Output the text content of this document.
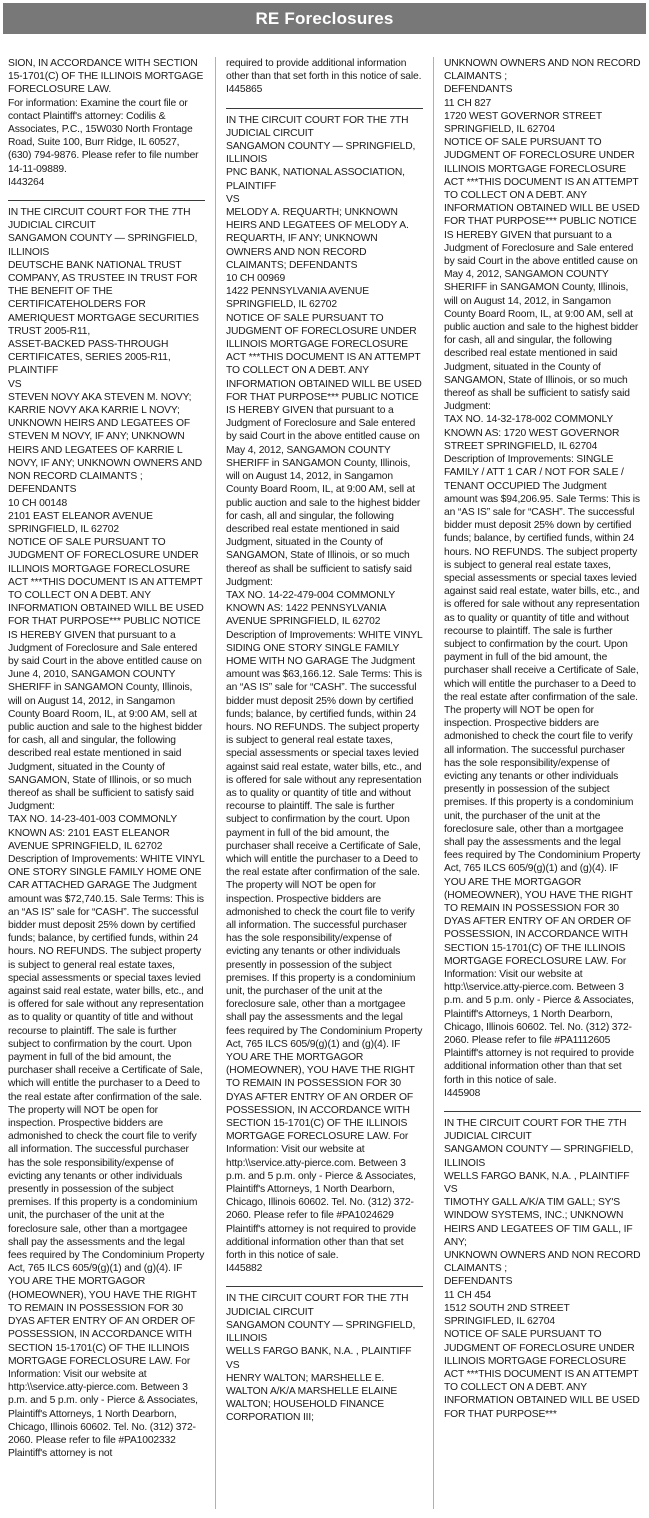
RE Foreclosures

SION, IN ACCORDANCE WITH SECTION 15-1701(C) OF THE ILLINOIS MORTGAGE FORECLOSURE LAW.

For information: Examine the court file or contact Plaintiff's attorney: Codilis & Associates, P.C., 15W030 North Frontage Road, Suite 100, Burr Ridge, IL 60527, (630) 794-9876. Please refer to file number 14-11-09889.

I443264

IN THE CIRCUIT COURT FOR THE 7TH JUDICIAL CIRCUIT

SANGAMON COUNTY — SPRINGFIELD, ILLINOIS

DEUTSCHE BANK NATIONAL TRUST COMPANY, AS TRUSTEE IN TRUST FOR THE BENEFIT OF THE CERTIFICATEHOLDERS FOR AMERIQUEST MORTGAGE SECURITIES TRUST 2005-R11,

ASSET-BACKED PASS-THROUGH CERTIFICATES, SERIES 2005-R11, PLAINTIFF

VS

STEVEN NOVY AKA STEVEN M. NOVY; KARRIE NOVY AKA KARRIE L NOVY; UNKNOWN HEIRS AND LEGATEES OF STEVEN M NOVY, IF ANY; UNKNOWN HEIRS AND LEGATEES OF KARRIE L NOVY, IF ANY; UNKNOWN OWNERS AND NON RECORD CLAIMANTS ; DEFENDANTS

10 CH 00148

2101 EAST ELEANOR AVENUE

SPRINGFIELD, IL 62702

NOTICE OF SALE PURSUANT TO JUDGMENT OF FORECLOSURE UNDER ILLINOIS MORTGAGE FORECLOSURE ACT ***THIS DOCUMENT IS AN ATTEMPT TO COLLECT ON A DEBT. ANY INFORMATION OBTAINED WILL BE USED FOR THAT PURPOSE*** PUBLIC NOTICE IS HEREBY GIVEN that pursuant to a Judgment of Foreclosure and Sale entered by said Court in the above entitled cause on June 4, 2010, SANGAMON COUNTY SHERIFF in SANGAMON County, Illinois, will on August 14, 2012, in Sangamon County Board Room, IL, at 9:00 AM, sell at public auction and sale to the highest bidder for cash, all and singular, the following described real estate mentioned in said Judgment, situated in the County of SANGAMON, State of Illinois, or so much thereof as shall be sufficient to satisfy said Judgment:

TAX NO. 14-23-401-003 COMMONLY KNOWN AS: 2101 EAST ELEANOR AVENUE SPRINGFIELD, IL 62702

Description of Improvements: WHITE VINYL ONE STORY SINGLE FAMILY HOME ONE CAR ATTACHED GARAGE The Judgment amount was $72,740.15. Sale Terms: This is an “AS IS” sale for “CASH”. The successful bidder must deposit 25% down by certified funds; balance, by certified funds, within 24 hours. NO REFUNDS. The subject property is subject to general real estate taxes, special assessments or special taxes levied against said real estate, water bills, etc., and is offered for sale without any representation as to quality or quantity of title and without recourse to plaintiff. The sale is further subject to confirmation by the court. Upon payment in full of the bid amount, the purchaser shall receive a Certificate of Sale, which will entitle the purchaser to a Deed to the real estate after confirmation of the sale. The property will NOT be open for inspection. Prospective bidders are admonished to check the court file to verify all information. The successful purchaser has the sole responsibility/expense of evicting any tenants or other individuals presently in possession of the subject premises. If this property is a condominium unit, the purchaser of the unit at the foreclosure sale, other than a mortgagee shall pay the assessments and the legal fees required by The Condominium Property Act, 765 ILCS 605/9(g)(1) and (g)(4). IF YOU ARE THE MORTGAGOR (HOMEOWNER), YOU HAVE THE RIGHT TO REMAIN IN POSSESSION FOR 30 DYAS AFTER ENTRY OF AN ORDER OF POSSESSION, IN ACCORDANCE WITH SECTION 15-1701(C) OF THE ILLINOIS MORTGAGE FORECLOSURE LAW. For Information: Visit our website at http:\\service.atty-pierce.com. Between 3 p.m. and 5 p.m. only - Pierce & Associates, Plaintiff's Attorneys, 1 North Dearborn, Chicago, Illinois 60602. Tel. No. (312) 372-2060. Please refer to file #PA1002332 Plaintiff's attorney is not

required to provide additional information other than that set forth in this notice of sale.

I445865

IN THE CIRCUIT COURT FOR THE 7TH JUDICIAL CIRCUIT

SANGAMON COUNTY — SPRINGFIELD, ILLINOIS

PNC BANK, NATIONAL ASSOCIATION, PLAINTIFF

VS

MELODY A. REQUARTH; UNKNOWN HEIRS AND LEGATEES OF MELODY A. REQUARTH, IF ANY; UNKNOWN OWNERS AND NON RECORD CLAIMANTS; DEFENDANTS

10 CH 00969

1422 PENNSYLVANIA AVENUE

SPRINGFIELD, IL 62702

NOTICE OF SALE PURSUANT TO JUDGMENT OF FORECLOSURE UNDER ILLINOIS MORTGAGE FORECLOSURE ACT ***THIS DOCUMENT IS AN ATTEMPT TO COLLECT ON A DEBT. ANY INFORMATION OBTAINED WILL BE USED FOR THAT PURPOSE*** PUBLIC NOTICE IS HEREBY GIVEN that pursuant to a Judgment of Foreclosure and Sale entered by said Court in the above entitled cause on May 4, 2012, SANGAMON COUNTY SHERIFF in SANGAMON County, Illinois, will on August 14, 2012, in Sangamon County Board Room, IL, at 9:00 AM, sell at public auction and sale to the highest bidder for cash, all and singular, the following described real estate mentioned in said Judgment, situated in the County of SANGAMON, State of Illinois, or so much thereof as shall be sufficient to satisfy said Judgment:

TAX NO. 14-22-479-004 COMMONLY KNOWN AS: 1422 PENNSYLVANIA AVENUE SPRINGFIELD, IL 62702

Description of Improvements: WHITE VINYL SIDING ONE STORY SINGLE FAMILY HOME WITH NO GARAGE The Judgment amount was $63,166.12. Sale Terms: This is an “AS IS” sale for “CASH”. The successful bidder must deposit 25% down by certified funds; balance, by certified funds, within 24 hours. NO REFUNDS. The subject property is subject to general real estate taxes, special assessments or special taxes levied against said real estate, water bills, etc., and is offered for sale without any representation as to quality or quantity of title and without recourse to plaintiff. The sale is further subject to confirmation by the court. Upon payment in full of the bid amount, the purchaser shall receive a Certificate of Sale, which will entitle the purchaser to a Deed to the real estate after confirmation of the sale. The property will NOT be open for inspection. Prospective bidders are admonished to check the court file to verify all information. The successful purchaser has the sole responsibility/expense of evicting any tenants or other individuals presently in possession of the subject premises. If this property is a condominium unit, the purchaser of the unit at the foreclosure sale, other than a mortgagee shall pay the assessments and the legal fees required by The Condominium Property Act, 765 ILCS 605/9(g)(1) and (g)(4). IF YOU ARE THE MORTGAGOR (HOMEOWNER), YOU HAVE THE RIGHT TO REMAIN IN POSSESSION FOR 30 DYAS AFTER ENTRY OF AN ORDER OF POSSESSION, IN ACCORDANCE WITH SECTION 15-1701(C) OF THE ILLINOIS MORTGAGE FORECLOSURE LAW. For Information: Visit our website at http:\\service.atty-pierce.com. Between 3 p.m. and 5 p.m. only - Pierce & Associates, Plaintiff's Attorneys, 1 North Dearborn, Chicago, Illinois 60602. Tel. No. (312) 372-2060. Please refer to file #PA1024629 Plaintiff's attorney is not required to provide additional information other than that set forth in this notice of sale.

I445882

IN THE CIRCUIT COURT FOR THE 7TH JUDICIAL CIRCUIT

SANGAMON COUNTY — SPRINGFIELD, ILLINOIS

WELLS FARGO BANK, N.A. , PLAINTIFF

VS

HENRY WALTON; MARSHELLE E. WALTON A/K/A MARSHELLE ELAINE WALTON; HOUSEHOLD FINANCE CORPORATION III;

UNKNOWN OWNERS AND NON RECORD CLAIMANTS ;

DEFENDANTS

11 CH 827

1720 WEST GOVERNOR STREET

SPRINGFIELD, IL 62704

NOTICE OF SALE PURSUANT TO JUDGMENT OF FORECLOSURE UNDER ILLINOIS MORTGAGE FORECLOSURE ACT ***THIS DOCUMENT IS AN ATTEMPT TO COLLECT ON A DEBT. ANY INFORMATION OBTAINED WILL BE USED FOR THAT PURPOSE*** PUBLIC NOTICE IS HEREBY GIVEN that pursuant to a Judgment of Foreclosure and Sale entered by said Court in the above entitled cause on May 4, 2012, SANGAMON COUNTY SHERIFF in SANGAMON County, Illinois, will on August 14, 2012, in Sangamon County Board Room, IL, at 9:00 AM, sell at public auction and sale to the highest bidder for cash, all and singular, the following described real estate mentioned in said Judgment, situated in the County of SANGAMON, State of Illinois, or so much thereof as shall be sufficient to satisfy said Judgment:

TAX NO. 14-32-178-002 COMMONLY KNOWN AS: 1720 WEST GOVERNOR STREET SPRINGFIELD, IL 62704

Description of Improvements: SINGLE FAMILY / ATT 1 CAR / NOT FOR SALE / TENANT OCCUPIED The Judgment amount was $94,206.95. Sale Terms: This is an “AS IS” sale for “CASH”. The successful bidder must deposit 25% down by certified funds; balance, by certified funds, within 24 hours. NO REFUNDS. The subject property is subject to general real estate taxes, special assessments or special taxes levied against said real estate, water bills, etc., and is offered for sale without any representation as to quality or quantity of title and without recourse to plaintiff. The sale is further subject to confirmation by the court. Upon payment in full of the bid amount, the purchaser shall receive a Certificate of Sale, which will entitle the purchaser to a Deed to the real estate after confirmation of the sale. The property will NOT be open for inspection. Prospective bidders are admonished to check the court file to verify all information. The successful purchaser has the sole responsibility/expense of evicting any tenants or other individuals presently in possession of the subject premises. If this property is a condominium unit, the purchaser of the unit at the foreclosure sale, other than a mortgagee shall pay the assessments and the legal fees required by The Condominium Property Act, 765 ILCS 605/9(g)(1) and (g)(4). IF YOU ARE THE MORTGAGOR (HOMEOWNER), YOU HAVE THE RIGHT TO REMAIN IN POSSESSION FOR 30 DYAS AFTER ENTRY OF AN ORDER OF POSSESSION, IN ACCORDANCE WITH SECTION 15-1701(C) OF THE ILLINOIS MORTGAGE FORECLOSURE LAW. For Information: Visit our website at http:\\service.atty-pierce.com. Between 3 p.m. and 5 p.m. only - Pierce & Associates, Plaintiff's Attorneys, 1 North Dearborn, Chicago, Illinois 60602. Tel. No. (312) 372-2060. Please refer to file #PA1112605 Plaintiff's attorney is not required to provide additional information other than that set forth in this notice of sale.

I445908

IN THE CIRCUIT COURT FOR THE 7TH JUDICIAL CIRCUIT

SANGAMON COUNTY — SPRINGFIELD, ILLINOIS

WELLS FARGO BANK, N.A. , PLAINTIFF

VS

TIMOTHY GALL A/K/A TIM GALL; SY'S WINDOW SYSTEMS, INC.; UNKNOWN HEIRS AND LEGATEES OF TIM GALL, IF ANY;

UNKNOWN OWNERS AND NON RECORD CLAIMANTS ;

DEFENDANTS

11 CH 454

1512 SOUTH 2ND STREET

SPRINGIFLED, IL 62704

NOTICE OF SALE PURSUANT TO JUDGMENT OF FORECLOSURE UNDER ILLINOIS MORTGAGE FORECLOSURE ACT ***THIS DOCUMENT IS AN ATTEMPT TO COLLECT ON A DEBT. ANY INFORMATION OBTAINED WILL BE USED FOR THAT PURPOSE***
